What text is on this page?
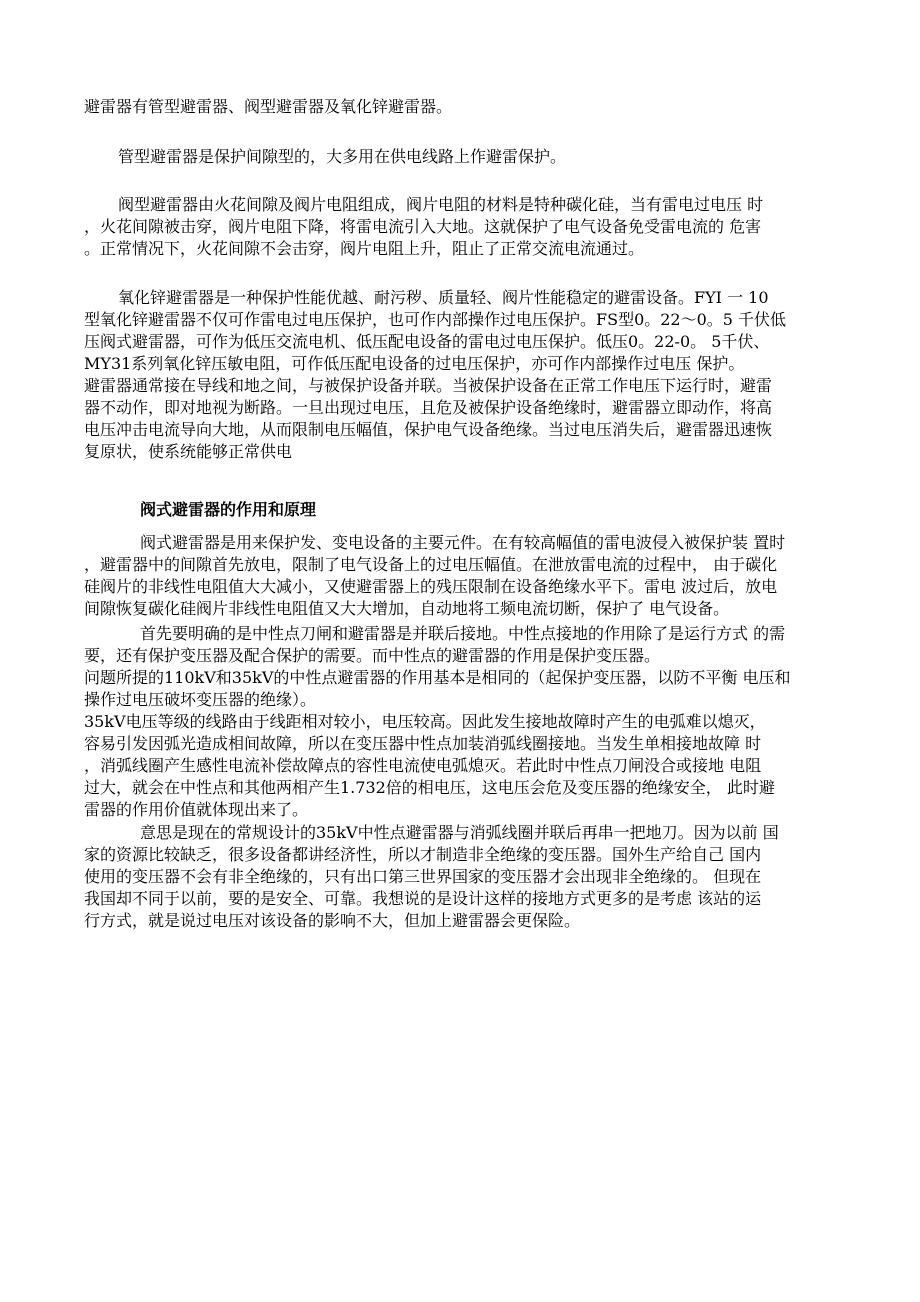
避雷器有管型避雷器、阀型避雷器及氧化锌避雷器。
管型避雷器是保护间隙型的，大多用在供电线路上作避雷保护。
阀型避雷器由火花间隙及阀片电阻组成，阀片电阻的材料是特种碳化硅，当有雷电过电压 时
，火花间隙被击穿，阀片电阻下降，将雷电流引入大地。这就保护了电气设备免受雷电流的 危害
。正常情况下，火花间隙不会击穿，阀片电阻上升，阻止了正常交流电流通过。
氧化锌避雷器是一种保护性能优越、耐污秽、质量轻、阀片性能稳定的避雷设备。FYI 一 10
型氧化锌避雷器不仅可作雷电过电压保护，也可作内部操作过电压保护。FS型0。22～0。5 千伏低
压阀式避雷器，可作为低压交流电机、低压配电设备的雷电过电压保护。低压0。22-0。 5千伏、
MY31系列氧化锌压敏电阻，可作低压配电设备的过电压保护，亦可作内部操作过电压 保护。
避雷器通常接在导线和地之间，与被保护设备并联。当被保护设备在正常工作电压下运行时，避雷
器不动作，即对地视为断路。一旦出现过电压，且危及被保护设备绝缘时，避雷器立即动作，将高
电压冲击电流导向大地，从而限制电压幅值，保护电气设备绝缘。当过电压消失后，避雷器迅速恢
复原状，使系统能够正常供电
阀式避雷器的作用和原理
阀式避雷器是用来保护发、变电设备的主要元件。在有较高幅值的雷电波侵入被保护装 置时
，避雷器中的间隙首先放电，限制了电气设备上的过电压幅值。在泄放雷电流的过程中， 由于碳化
硅阀片的非线性电阻值大大减小，又使避雷器上的残压限制在设备绝缘水平下。雷电 波过后，放电
间隙恢复碳化硅阀片非线性电阻值又大大增加，自动地将工频电流切断，保护了 电气设备。
首先要明确的是中性点刀闸和避雷器是并联后接地。中性点接地的作用除了是运行方式 的需
要，还有保护变压器及配合保护的需要。而中性点的避雷器的作用是保护变压器。
问题所提的110kV和35kV的中性点避雷器的作用基本是相同的（起保护变压器，以防不平衡 电压和
操作过电压破坏变压器的绝缘）。
35kV电压等级的线路由于线距相对较小，电压较高。因此发生接地故障时产生的电弧难以熄灭，
容易引发因弧光造成相间故障，所以在变压器中性点加装消弧线圈接地。当发生单相接地故障 时
，消弧线圈产生感性电流补偿故障点的容性电流使电弧熄灭。若此时中性点刀闸没合或接地 电阻
过大，就会在中性点和其他两相产生1.732倍的相电压，这电压会危及变压器的绝缘安全， 此时避
雷器的作用价值就体现出来了。
意思是现在的常规设计的35kV中性点避雷器与消弧线圈并联后再串一把地刀。因为以前 国
家的资源比较缺乏，很多设备都讲经济性，所以才制造非全绝缘的变压器。国外生产给自己 国内
使用的变压器不会有非全绝缘的，只有出口第三世界国家的变压器才会出现非全绝缘的。 但现在
我国却不同于以前，要的是安全、可靠。我想说的是设计这样的接地方式更多的是考虑 该站的运
行方式，就是说过电压对该设备的影响不大，但加上避雷器会更保险。
